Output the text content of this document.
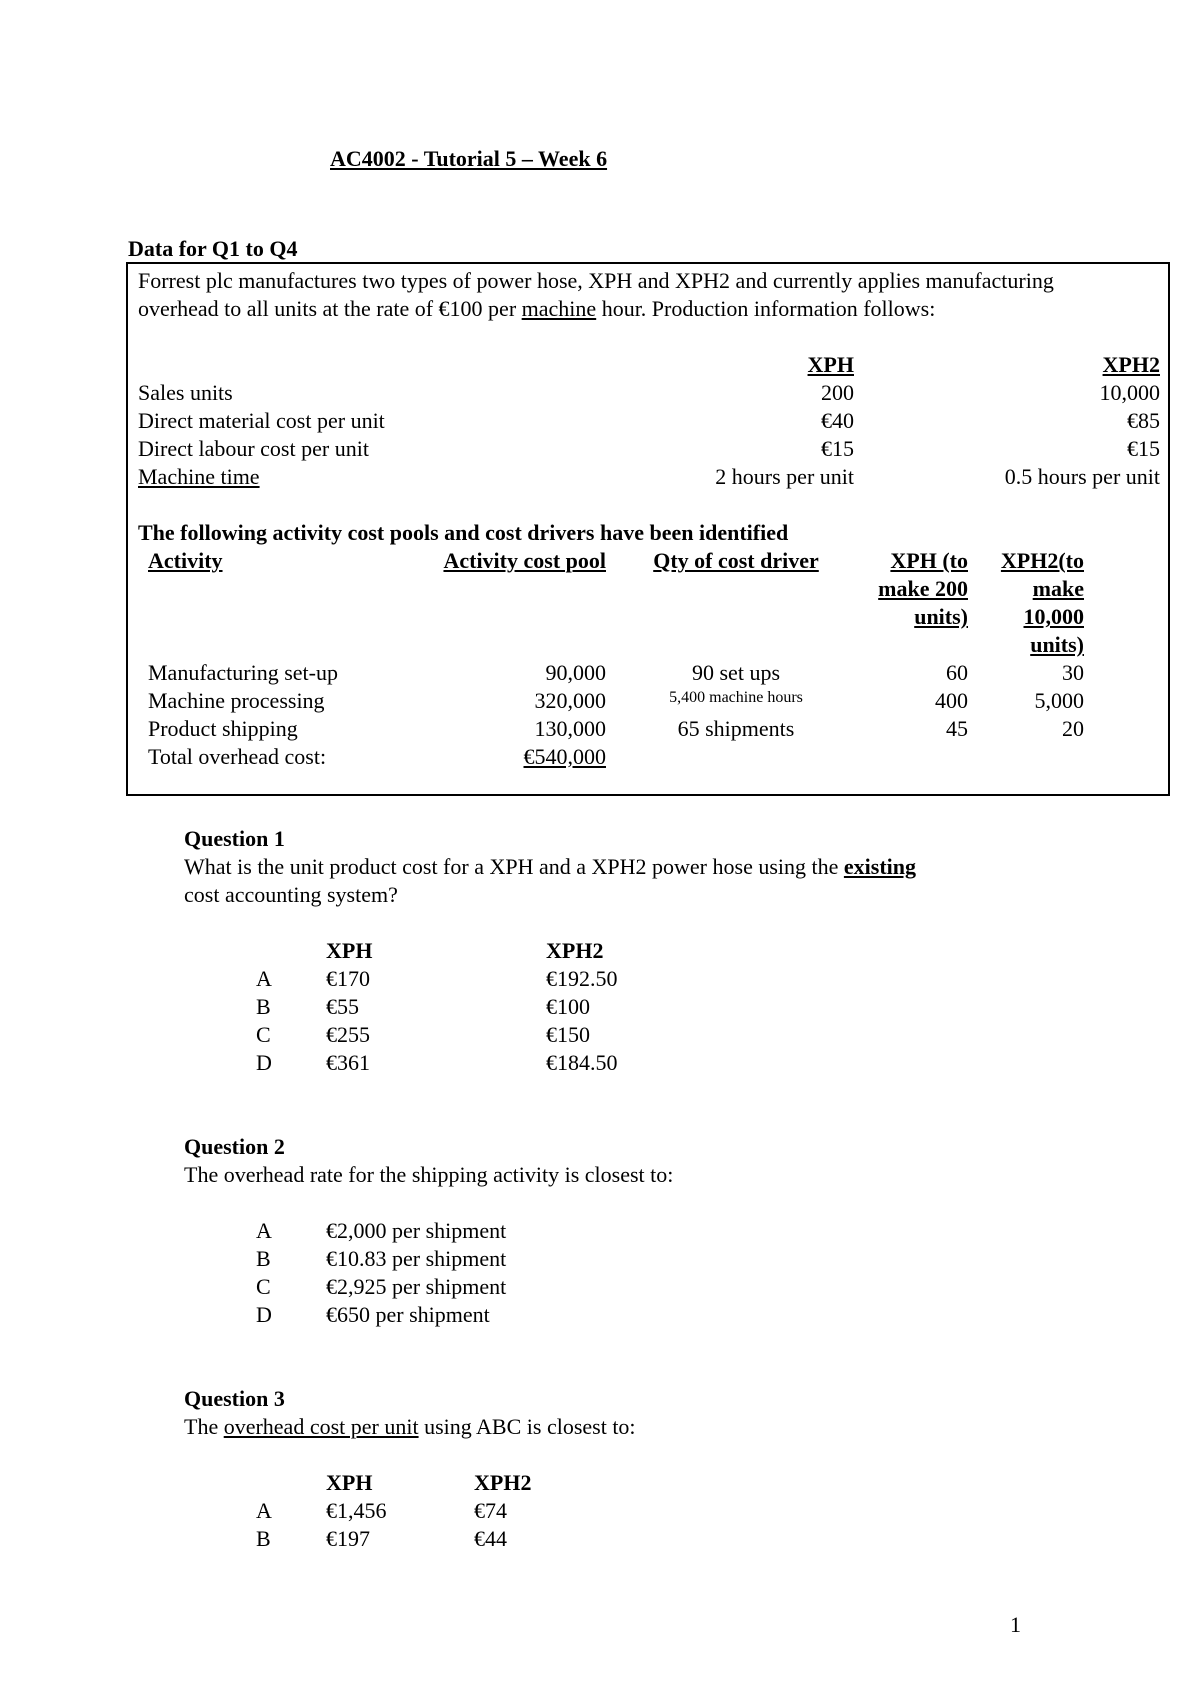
AC4002 - Tutorial 5 – Week 6
Data for Q1 to Q4
Forrest plc manufactures two types of power hose, XPH and XPH2 and currently applies manufacturing
overhead to all units at the rate of €100 per machine hour. Production information follows:
XPH	XPH2
Sales units	200	10,000
Direct material cost per unit	€40	€85
Direct labour cost per unit	€15	€15
Machine time	2 hours per unit	0.5 hours per unit
The following activity cost pools and cost drivers have been identified
Activity	Activity cost pool	Qty of cost driver	XPH (to
make 200
units)
XPH2(to
make
10,000
units)
Manufacturing set-up	90,000	90 set ups	60	30
Machine processing	320,000	5,400 machine hours	400	5,000
Product shipping	130,000	65 shipments	45	20
Total overhead cost:	€540,000
Question 1
What is the unit product cost for a XPH and a XPH2 power hose using the existing
cost accounting system?
XPH	XPH2
A €170	€192.50
B	€55	€100
C	€255	€150
D €361	€184.50
Question 2
The overhead rate for the shipping activity is closest to:
A €2,000 per shipment
B	€10.83 per shipment
C	€2,925 per shipment
D €650 per shipment
Question 3
The overhead cost per unit using ABC is closest to:
XPH	XPH2
A €1,456	€74
B	€197	€44
1
